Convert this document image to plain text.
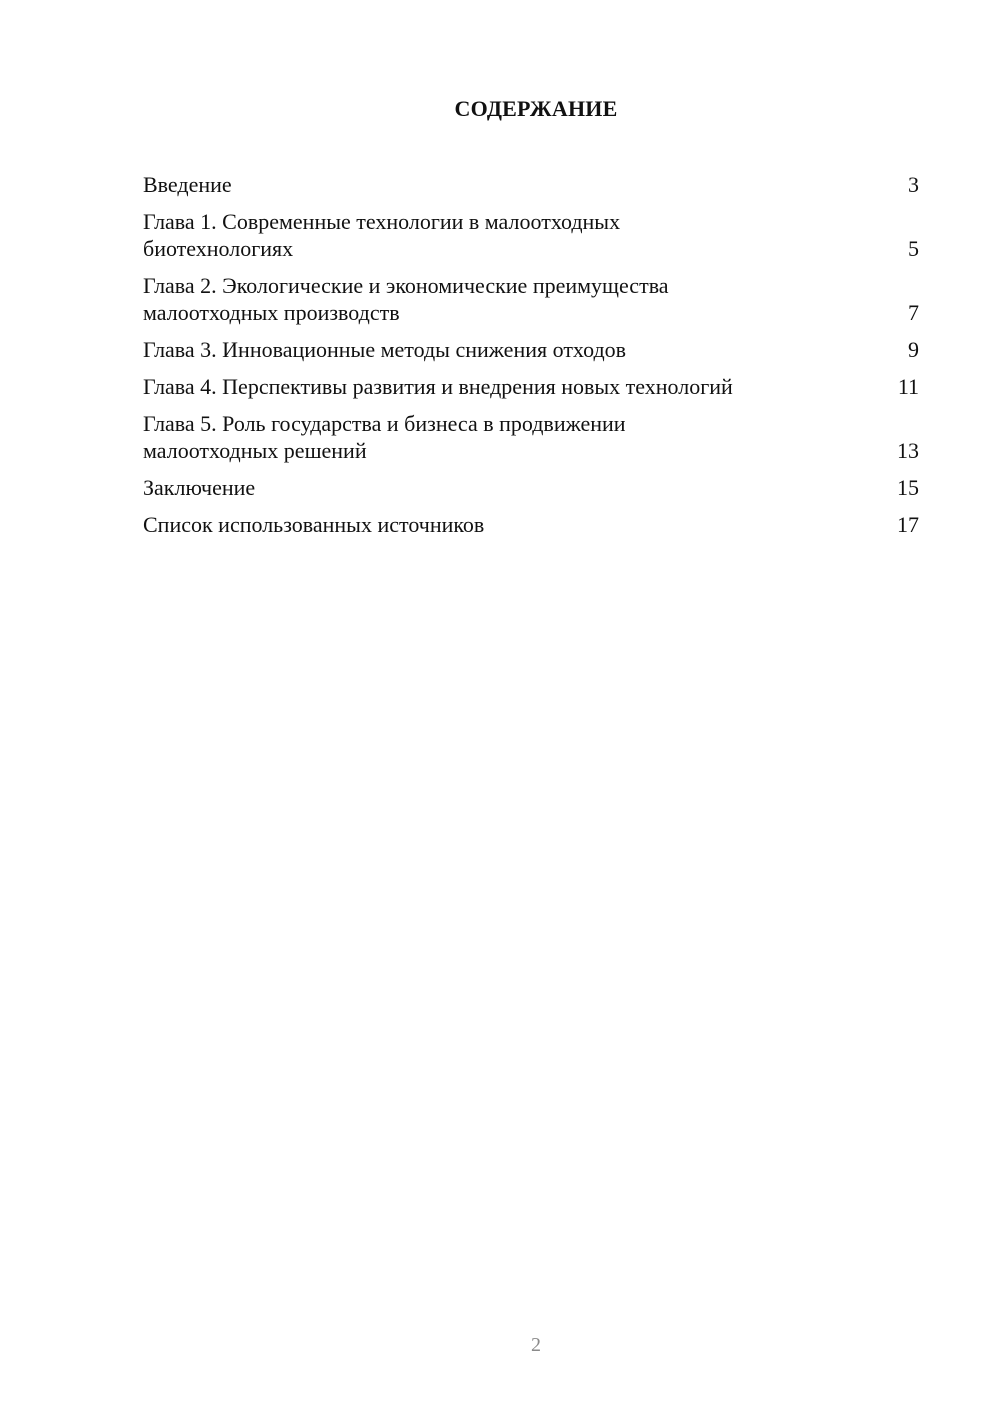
СОДЕРЖАНИЕ
Введение	3
Глава 1. Современные технологии в малоотходных
биотехнологиях	5
Глава 2. Экологические и экономические преимущества
малоотходных производств	7
Глава 3. Инновационные методы снижения отходов	9
Глава 4. Перспективы развития и внедрения новых технологий	11
Глава 5. Роль государства и бизнеса в продвижении
малоотходных решений	13
Заключение	15
Список использованных источников	17

2
